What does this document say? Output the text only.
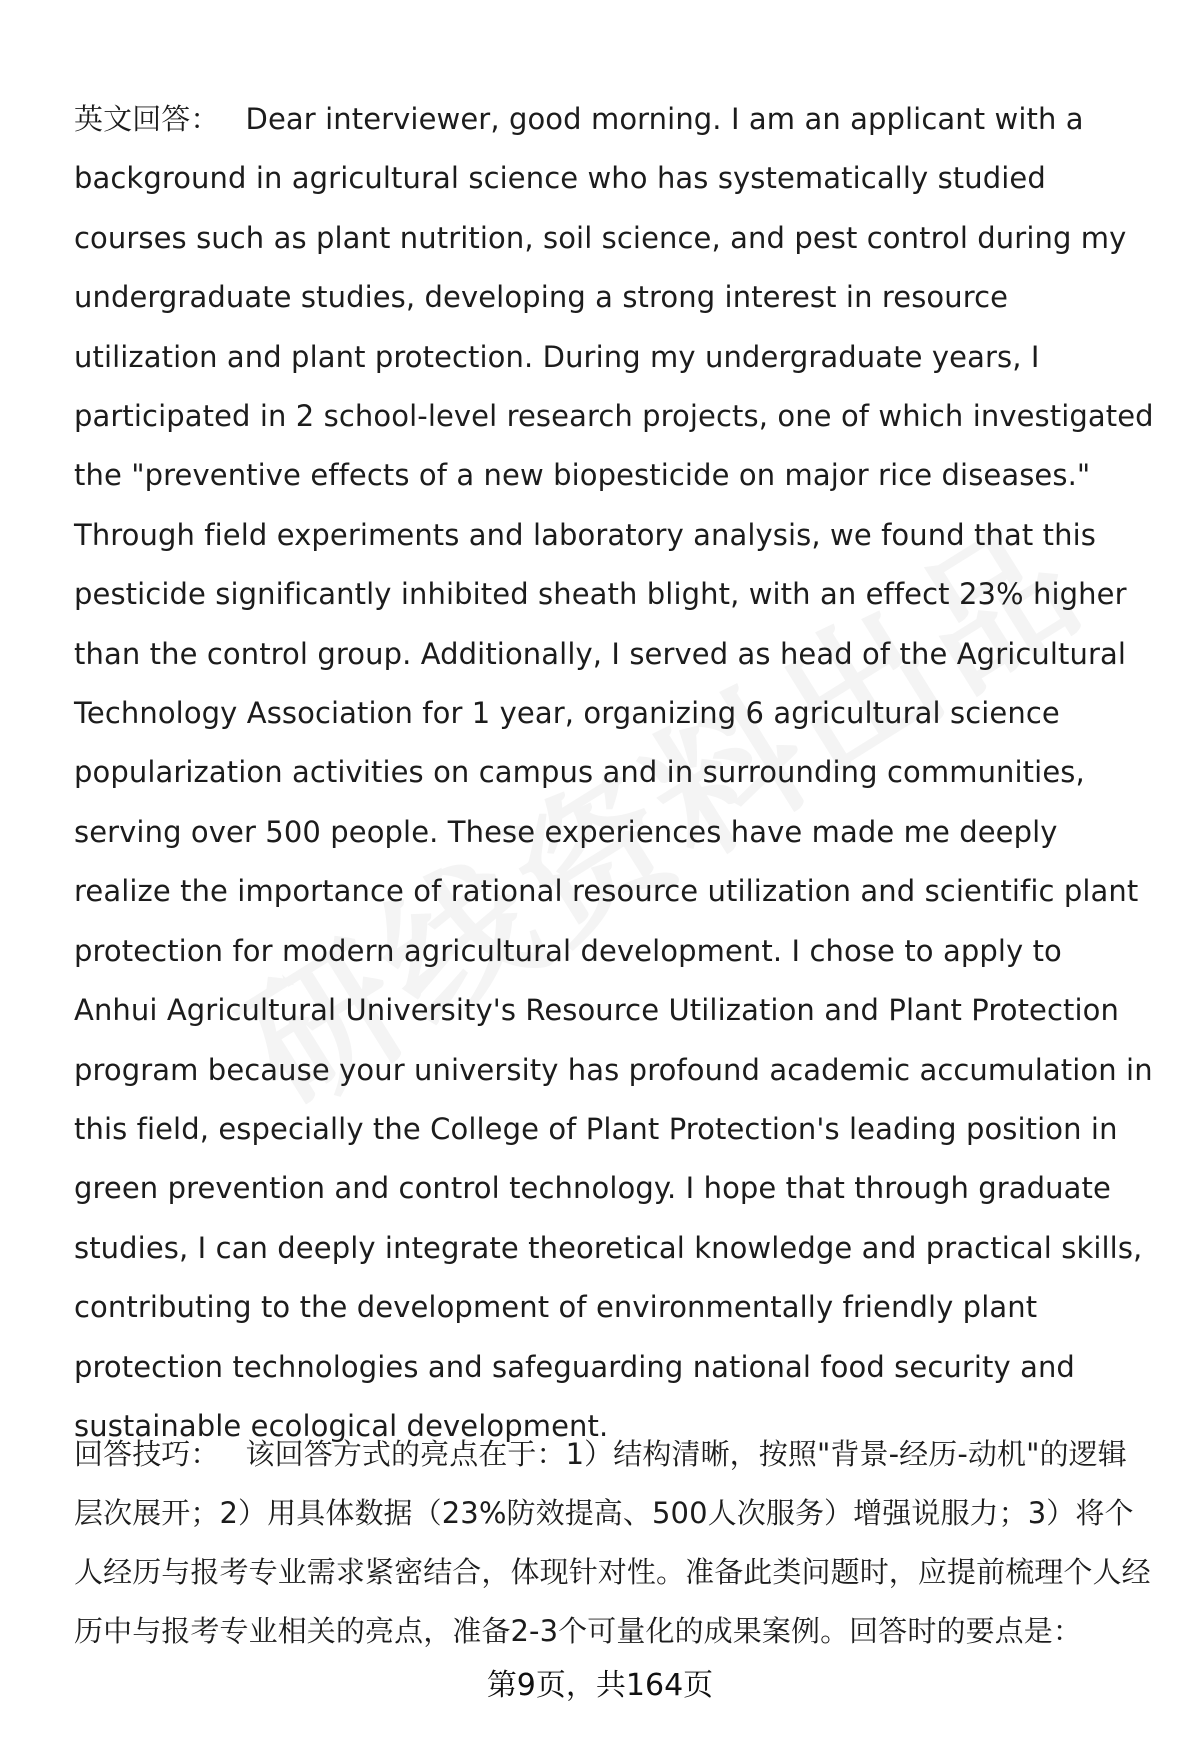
英文回答： Dear interviewer, good morning. I am an applicant with a background in agricultural science who has systematically studied courses such as plant nutrition, soil science, and pest control during my undergraduate studies, developing a strong interest in resource utilization and plant protection. During my undergraduate years, I participated in 2 school-level research projects, one of which investigated the "preventive effects of a new biopesticide on major rice diseases." Through field experiments and laboratory analysis, we found that this pesticide significantly inhibited sheath blight, with an effect 23% higher than the control group. Additionally, I served as head of the Agricultural Technology Association for 1 year, organizing 6 agricultural science popularization activities on campus and in surrounding communities, serving over 500 people. These experiences have made me deeply realize the importance of rational resource utilization and scientific plant protection for modern agricultural development. I chose to apply to Anhui Agricultural University's Resource Utilization and Plant Protection program because your university has profound academic accumulation in this field, especially the College of Plant Protection's leading position in green prevention and control technology. I hope that through graduate studies, I can deeply integrate theoretical knowledge and practical skills, contributing to the development of environmentally friendly plant protection technologies and safeguarding national food security and sustainable ecological development.
回答技巧： 该回答方式的亮点在于：1）结构清晰，按照"背景-经历-动机"的逻辑层次展开；2）用具体数据（23%防效提高、500人次服务）增强说服力；3）将个人经历与报考专业需求紧密结合，体现针对性。准备此类问题时，应提前梳理个人经历中与报考专业相关的亮点，准备2-3个可量化的成果案例。回答时的要点是：
第9页，共164页
